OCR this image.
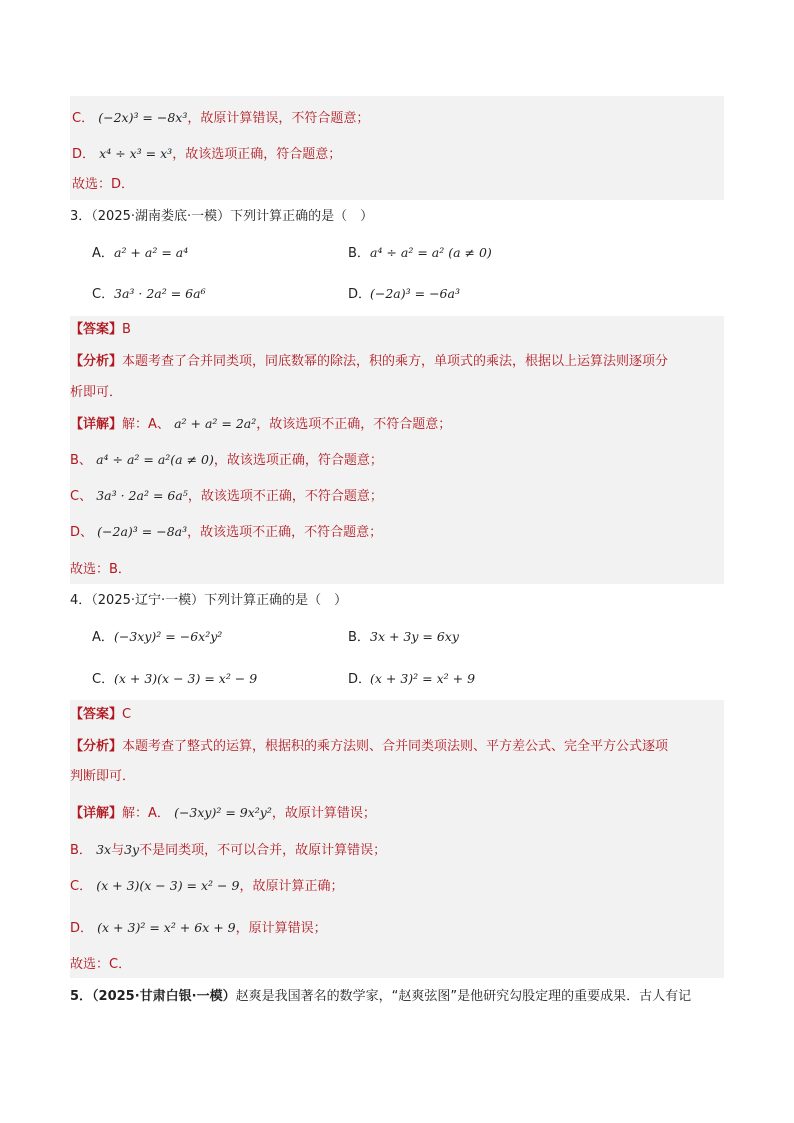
C． (−2x)³ = −8x³，故原计算错误，不符合题意；
D． x⁴ ÷ x³ = x³，故该选项正确，符合题意；
故选：D．
3．（2025·湖南娄底·一模）下列计算正确的是（　）
A．a² + a² = a⁴	B．a⁴ ÷ a² = a² (a ≠ 0)
C．3a³ · 2a² = 6a⁶	D．(−2a)³ = −6a³
【答案】B
【分析】本题考查了合并同类项，同底数幂的除法，积的乘方，单项式的乘法，根据以上运算法则逐项分
析即可．
【详解】解：A、 a² + a² = 2a²，故该选项不正确，不符合题意；
B、 a⁴ ÷ a² = a²(a ≠ 0)，故该选项正确，符合题意；
C、 3a³ · 2a² = 6a⁵，故该选项不正确，不符合题意；
D、 (−2a)³ = −8a³，故该选项不正确，不符合题意；
故选：B．
4．（2025·辽宁·一模）下列计算正确的是（　）
A．(−3xy)² = −6x²y²	B．3x + 3y = 6xy
C．(x + 3)(x − 3) = x² − 9	D．(x + 3)² = x² + 9
【答案】C
【分析】本题考查了整式的运算，根据积的乘方法则、合并同类项法则、平方差公式、完全平方公式逐项
判断即可．
【详解】解：A． (−3xy)² = 9x²y²，故原计算错误；
B． 3x与3y不是同类项，不可以合并，故原计算错误；
C． (x + 3)(x − 3) = x² − 9，故原计算正确；
D． (x + 3)² = x² + 6x + 9，原计算错误；
故选：C．
5．（2025·甘肃白银·一模）赵爽是我国著名的数学家，“赵爽弦图”是他研究勾股定理的重要成果．古人有记
